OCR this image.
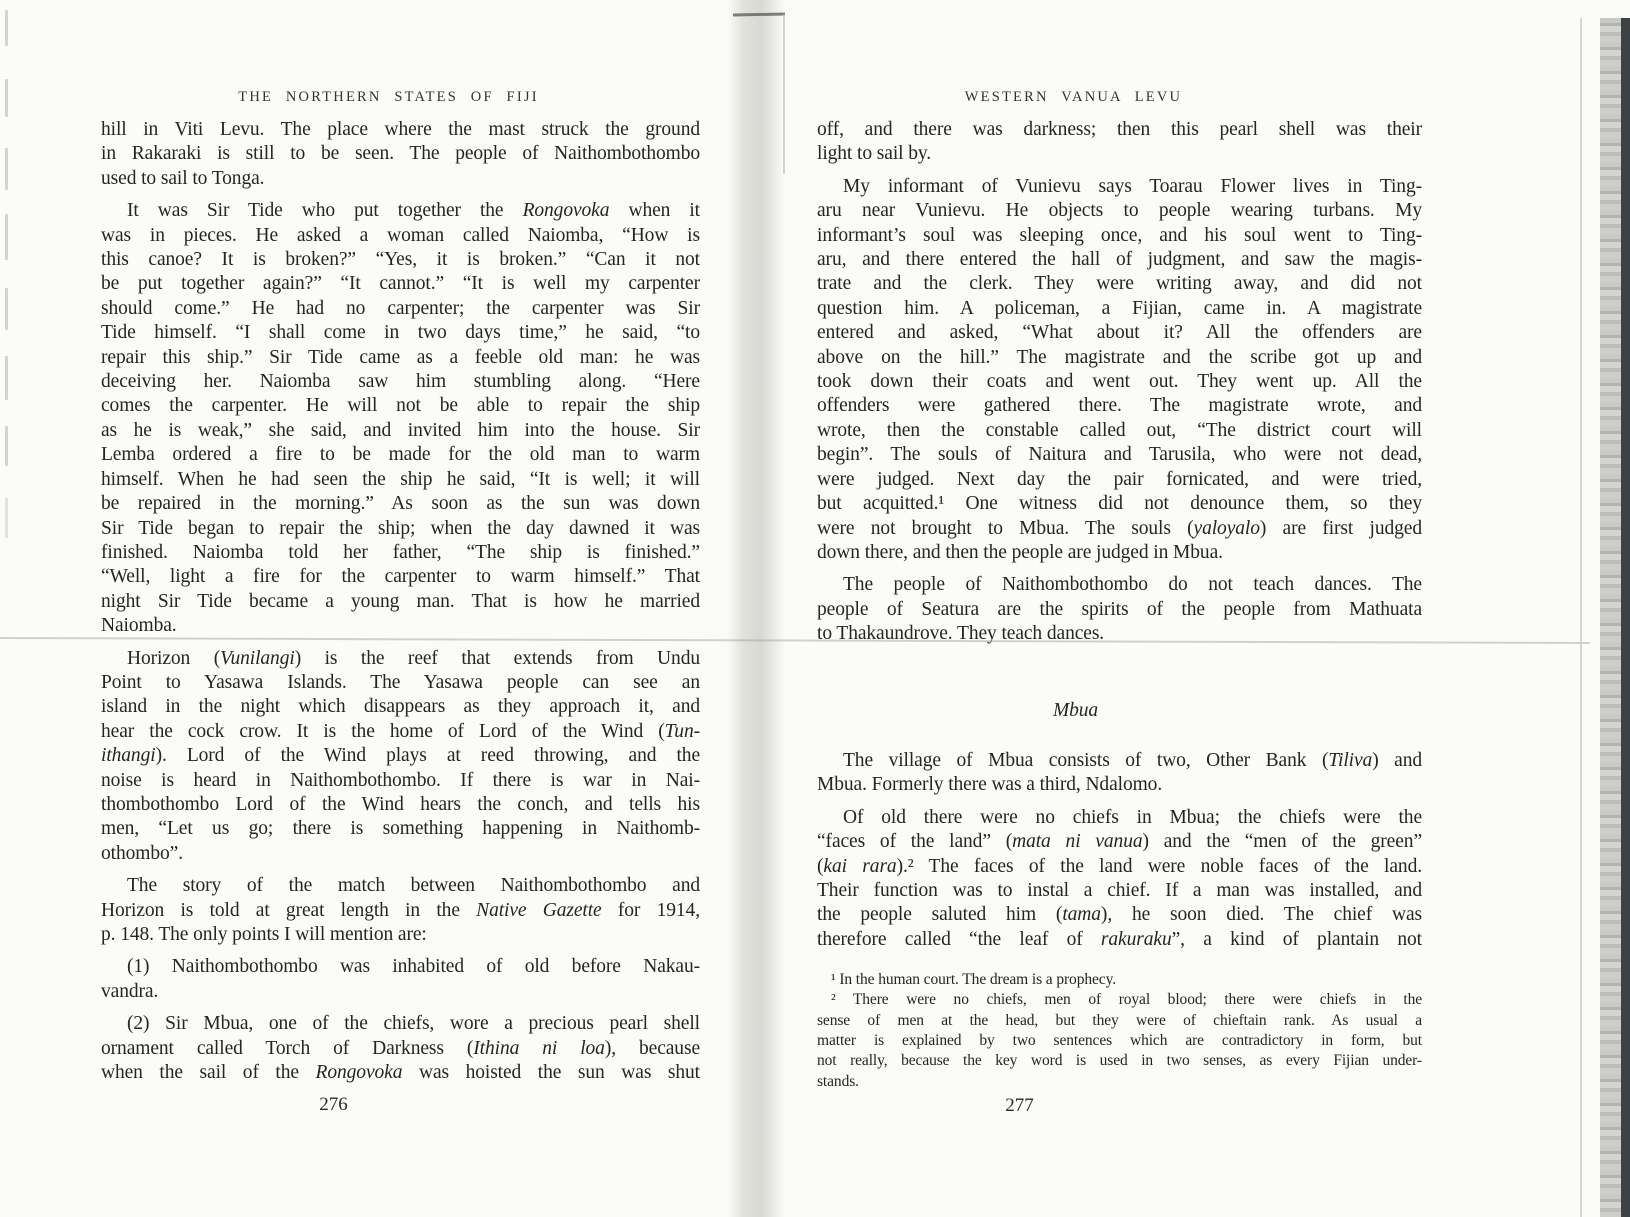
THE NORTHERN STATES OF FIJI
hill in Viti Levu. The place where the mast struck the ground
in Rakaraki is still to be seen. The people of Naithombothombo
used to sail to Tonga.
It was Sir Tide who put together the Rongovoka when it
was in pieces. He asked a woman called Naiomba, “How is
this canoe? It is broken?” “Yes, it is broken.” “Can it not
be put together again?” “It cannot.” “It is well my carpenter
should come.” He had no carpenter; the carpenter was Sir
Tide himself. “I shall come in two days time,” he said, “to
repair this ship.” Sir Tide came as a feeble old man: he was
deceiving her. Naiomba saw him stumbling along. “Here
comes the carpenter. He will not be able to repair the ship
as he is weak,” she said, and invited him into the house. Sir
Lemba ordered a fire to be made for the old man to warm
himself. When he had seen the ship he said, “It is well; it will
be repaired in the morning.” As soon as the sun was down
Sir Tide began to repair the ship; when the day dawned it was
finished. Naiomba told her father, “The ship is finished.”
“Well, light a fire for the carpenter to warm himself.” That
night Sir Tide became a young man. That is how he married
Naiomba.
Horizon (Vunilangi) is the reef that extends from Undu
Point to Yasawa Islands. The Yasawa people can see an
island in the night which disappears as they approach it, and
hear the cock crow. It is the home of Lord of the Wind (Tun-
ithangi). Lord of the Wind plays at reed throwing, and the
noise is heard in Naithombothombo. If there is war in Nai-
thombothombo Lord of the Wind hears the conch, and tells his
men, “Let us go; there is something happening in Naithomb-
othombo”.
The story of the match between Naithombothombo and
Horizon is told at great length in the Native Gazette for 1914,
p. 148. The only points I will mention are:
(1) Naithombothombo was inhabited of old before Nakau-
vandra.
(2) Sir Mbua, one of the chiefs, wore a precious pearl shell
ornament called Torch of Darkness (Ithina ni loa), because
when the sail of the Rongovoka was hoisted the sun was shut
276
WESTERN VANUA LEVU
off, and there was darkness; then this pearl shell was their
light to sail by.
My informant of Vunievu says Toarau Flower lives in Ting-
aru near Vunievu. He objects to people wearing turbans. My
informant’s soul was sleeping once, and his soul went to Ting-
aru, and there entered the hall of judgment, and saw the magis-
trate and the clerk. They were writing away, and did not
question him. A policeman, a Fijian, came in. A magistrate
entered and asked, “What about it? All the offenders are
above on the hill.” The magistrate and the scribe got up and
took down their coats and went out. They went up. All the
offenders were gathered there. The magistrate wrote, and
wrote, then the constable called out, “The district court will
begin”. The souls of Naitura and Tarusila, who were not dead,
were judged. Next day the pair fornicated, and were tried,
but acquitted.¹ One witness did not denounce them, so they
were not brought to Mbua. The souls (yaloyalo) are first judged
down there, and then the people are judged in Mbua.
The people of Naithombothombo do not teach dances. The
people of Seatura are the spirits of the people from Mathuata
to Thakaundrove. They teach dances.
Mbua
The village of Mbua consists of two, Other Bank (Tiliva) and
Mbua. Formerly there was a third, Ndalomo.
Of old there were no chiefs in Mbua; the chiefs were the
“faces of the land” (mata ni vanua) and the “men of the green”
(kai rara).² The faces of the land were noble faces of the land.
Their function was to instal a chief. If a man was installed, and
the people saluted him (tama), he soon died. The chief was
therefore called “the leaf of rakuraku”, a kind of plantain not
¹ In the human court. The dream is a prophecy.
² There were no chiefs, men of royal blood; there were chiefs in the
sense of men at the head, but they were of chieftain rank. As usual a
matter is explained by two sentences which are contradictory in form, but
not really, because the key word is used in two senses, as every Fijian under-
stands.
277
